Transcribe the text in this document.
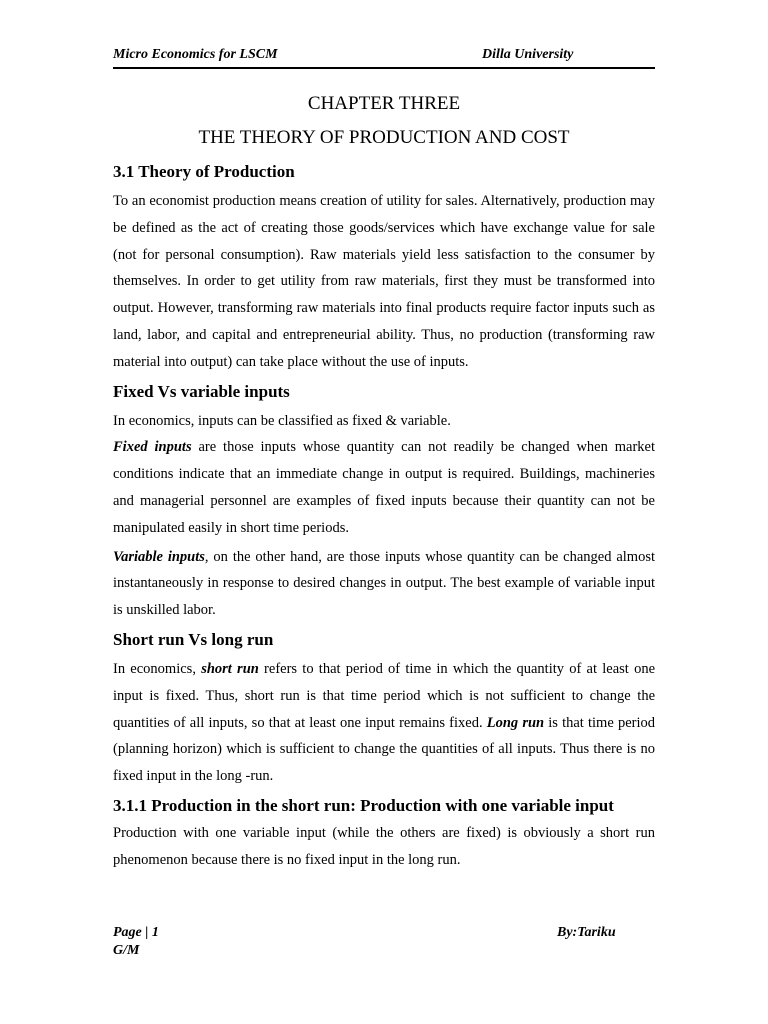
Micro Economics for LSCM	Dilla University
CHAPTER THREE
THE THEORY OF PRODUCTION AND COST
3.1 Theory of Production

To an economist production means creation of utility for sales. Alternatively, production may be defined as the act of creating those goods/services which have exchange value for sale (not for personal consumption). Raw materials yield less satisfaction to the consumer by themselves. In order to get utility from raw materials, first they must be transformed into output. However, transforming raw materials into final products require factor inputs such as land, labor, and capital and entrepreneurial ability. Thus, no production (transforming raw material into output) can take place without the use of inputs.

Fixed Vs variable inputs

In economics, inputs can be classified as fixed & variable.

Fixed inputs are those inputs whose quantity can not readily be changed when market conditions indicate that an immediate change in output is required. Buildings, machineries and managerial personnel are examples of fixed inputs because their quantity can not be manipulated easily in short time periods.

Variable inputs, on the other hand, are those inputs whose quantity can be changed almost instantaneously in response to desired changes in output. The best example of variable input is unskilled labor.

Short run Vs long run

In economics, short run refers to that period of time in which the quantity of at least one input is fixed. Thus, short run is that time period which is not sufficient to change the quantities of all inputs, so that at least one input remains fixed. Long run is that time period (planning horizon) which is sufficient to change the quantities of all inputs. Thus there is no fixed input in the long -run.

3.1.1 Production in the short run: Production with one variable input

Production with one variable input (while the others are fixed) is obviously a short run phenomenon because there is no fixed input in the long run.

Page | 1
G/M
By:Tariku
